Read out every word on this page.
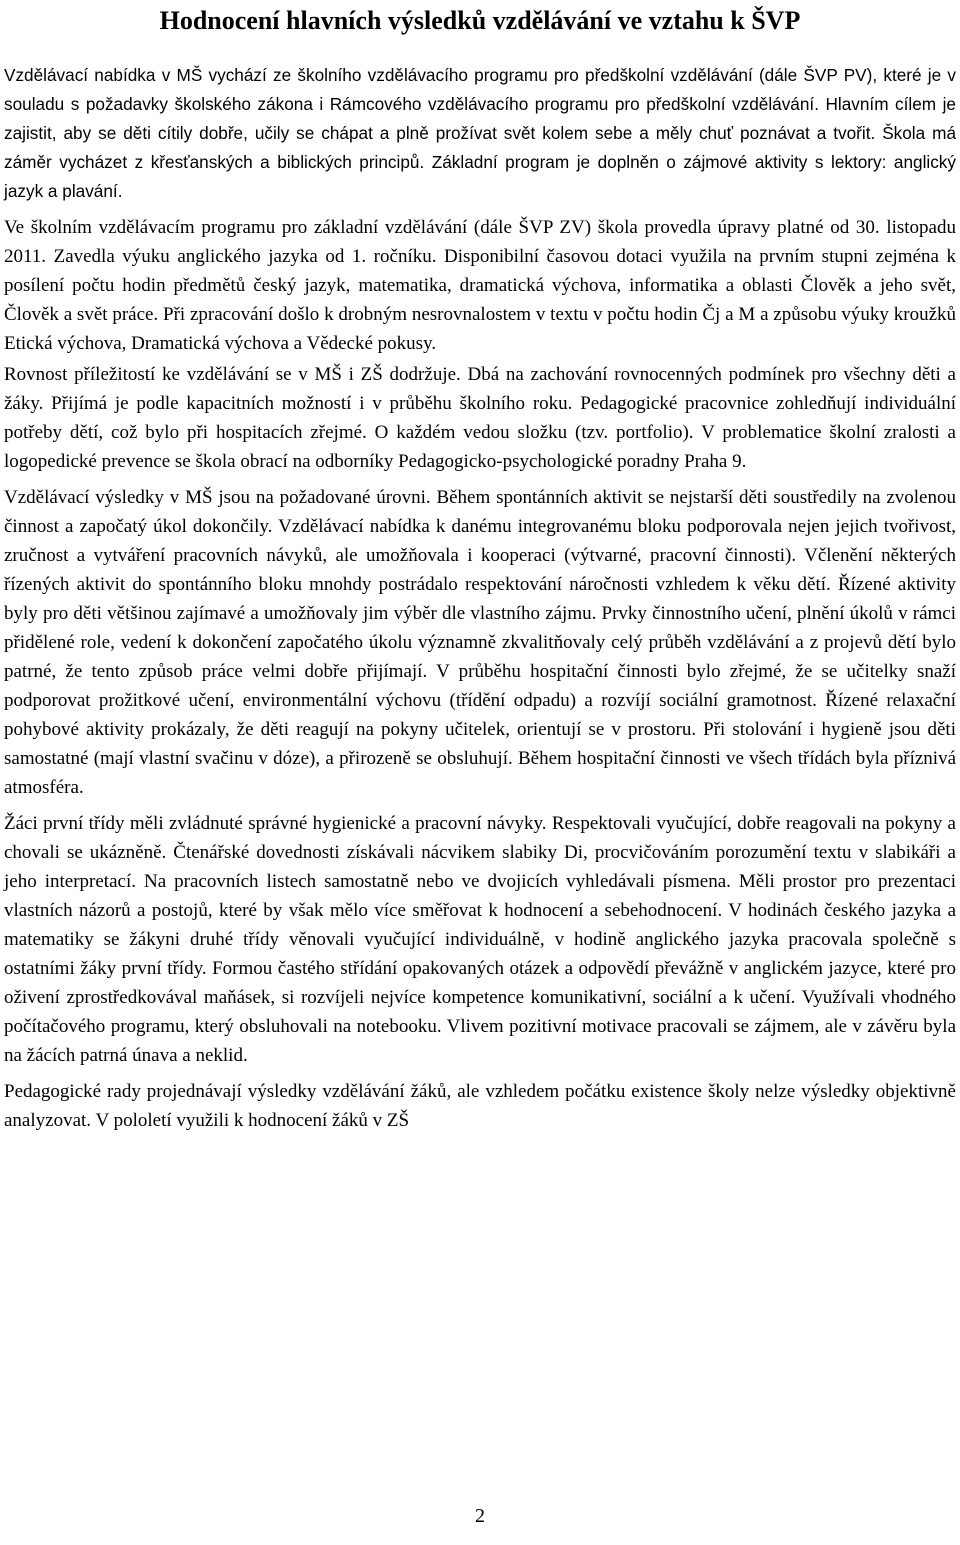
Hodnocení hlavních výsledků vzdělávání ve vztahu k ŠVP

Vzdělávací nabídka v MŠ vychází ze školního vzdělávacího programu pro předškolní vzdělávání (dále ŠVP PV), které je v souladu s požadavky školského zákona i Rámcového vzdělávacího programu pro předškolní vzdělávání. Hlavním cílem je zajistit, aby se děti cítily dobře, učily se chápat a plně prožívat svět kolem sebe a měly chuť poznávat a tvořit. Škola má záměr vycházet z křesťanských a biblických principů. Základní program je doplněn o zájmové aktivity s lektory: anglický jazyk a plavání.

Ve školním vzdělávacím programu pro základní vzdělávání (dále ŠVP ZV) škola provedla úpravy platné od 30. listopadu 2011. Zavedla výuku anglického jazyka od 1. ročníku. Disponibilní časovou dotaci využila na prvním stupni zejména k posílení počtu hodin předmětů český jazyk, matematika, dramatická výchova, informatika a oblasti Člověk a jeho svět, Člověk a svět práce. Při zpracování došlo k drobným nesrovnalostem v textu v počtu hodin Čj a M a způsobu výuky kroužků Etická výchova, Dramatická výchova a Vědecké pokusy.

Rovnost příležitostí ke vzdělávání se v MŠ i ZŠ dodržuje. Dbá na zachování rovnocenných podmínek pro všechny děti a žáky. Přijímá je podle kapacitních možností i v průběhu školního roku. Pedagogické pracovnice zohledňují individuální potřeby dětí, což bylo při hospitacích zřejmé. O každém vedou složku (tzv. portfolio). V problematice školní zralosti a logopedické prevence se škola obrací na odborníky Pedagogicko-psychologické poradny Praha 9.

Vzdělávací výsledky v MŠ jsou na požadované úrovni. Během spontánních aktivit se nejstarší děti soustředily na zvolenou činnost a započatý úkol dokončily. Vzdělávací nabídka k danému integrovanému bloku podporovala nejen jejich tvořivost, zručnost a vytváření pracovních návyků, ale umožňovala i kooperaci (výtvarné, pracovní činnosti). Včlenění některých řízených aktivit do spontánního bloku mnohdy postrádalo respektování náročnosti vzhledem k věku dětí. Řízené aktivity byly pro děti většinou zajímavé a umožňovaly jim výběr dle vlastního zájmu. Prvky činnostního učení, plnění úkolů v rámci přidělené role, vedení k dokončení započatého úkolu významně zkvalitňovaly celý průběh vzdělávání a z projevů dětí bylo patrné, že tento způsob práce velmi dobře přijímají. V průběhu hospitační činnosti bylo zřejmé, že se učitelky snaží podporovat prožitkové učení, environmentální výchovu (třídění odpadu) a rozvíjí sociální gramotnost. Řízené relaxační pohybové aktivity prokázaly, že děti reagují na pokyny učitelek, orientují se v prostoru. Při stolování i hygieně jsou děti samostatné (mají vlastní svačinu v dóze), a přirozeně se obsluhují. Během hospitační činnosti ve všech třídách byla příznivá atmosféra.

Žáci první třídy měli zvládnuté správné hygienické a pracovní návyky. Respektovali vyučující, dobře reagovali na pokyny a chovali se ukázněně. Čtenářské dovednosti získávali nácvikem slabiky Di, procvičováním porozumění textu v slabikáři a jeho interpretací. Na pracovních listech samostatně nebo ve dvojicích vyhledávali písmena. Měli prostor pro prezentaci vlastních názorů a postojů, které by však mělo více směřovat k hodnocení a sebehodnocení. V hodinách českého jazyka a matematiky se žákyni druhé třídy věnovali vyučující individuálně, v hodině anglického jazyka pracovala společně s ostatními žáky první třídy. Formou častého střídání opakovaných otázek a odpovědí převážně v anglickém jazyce, které pro oživení zprostředkovával maňásek, si rozvíjeli nejvíce kompetence komunikativní, sociální a k učení. Využívali vhodného počítačového programu, který obsluhovali na notebooku. Vlivem pozitivní motivace pracovali se zájmem, ale v závěru byla na žácích patrná únava a neklid.

Pedagogické rady projednávají výsledky vzdělávání žáků, ale vzhledem počátku existence školy nelze výsledky objektivně analyzovat. V pololetí využili k hodnocení žáků v ZŠ

2
